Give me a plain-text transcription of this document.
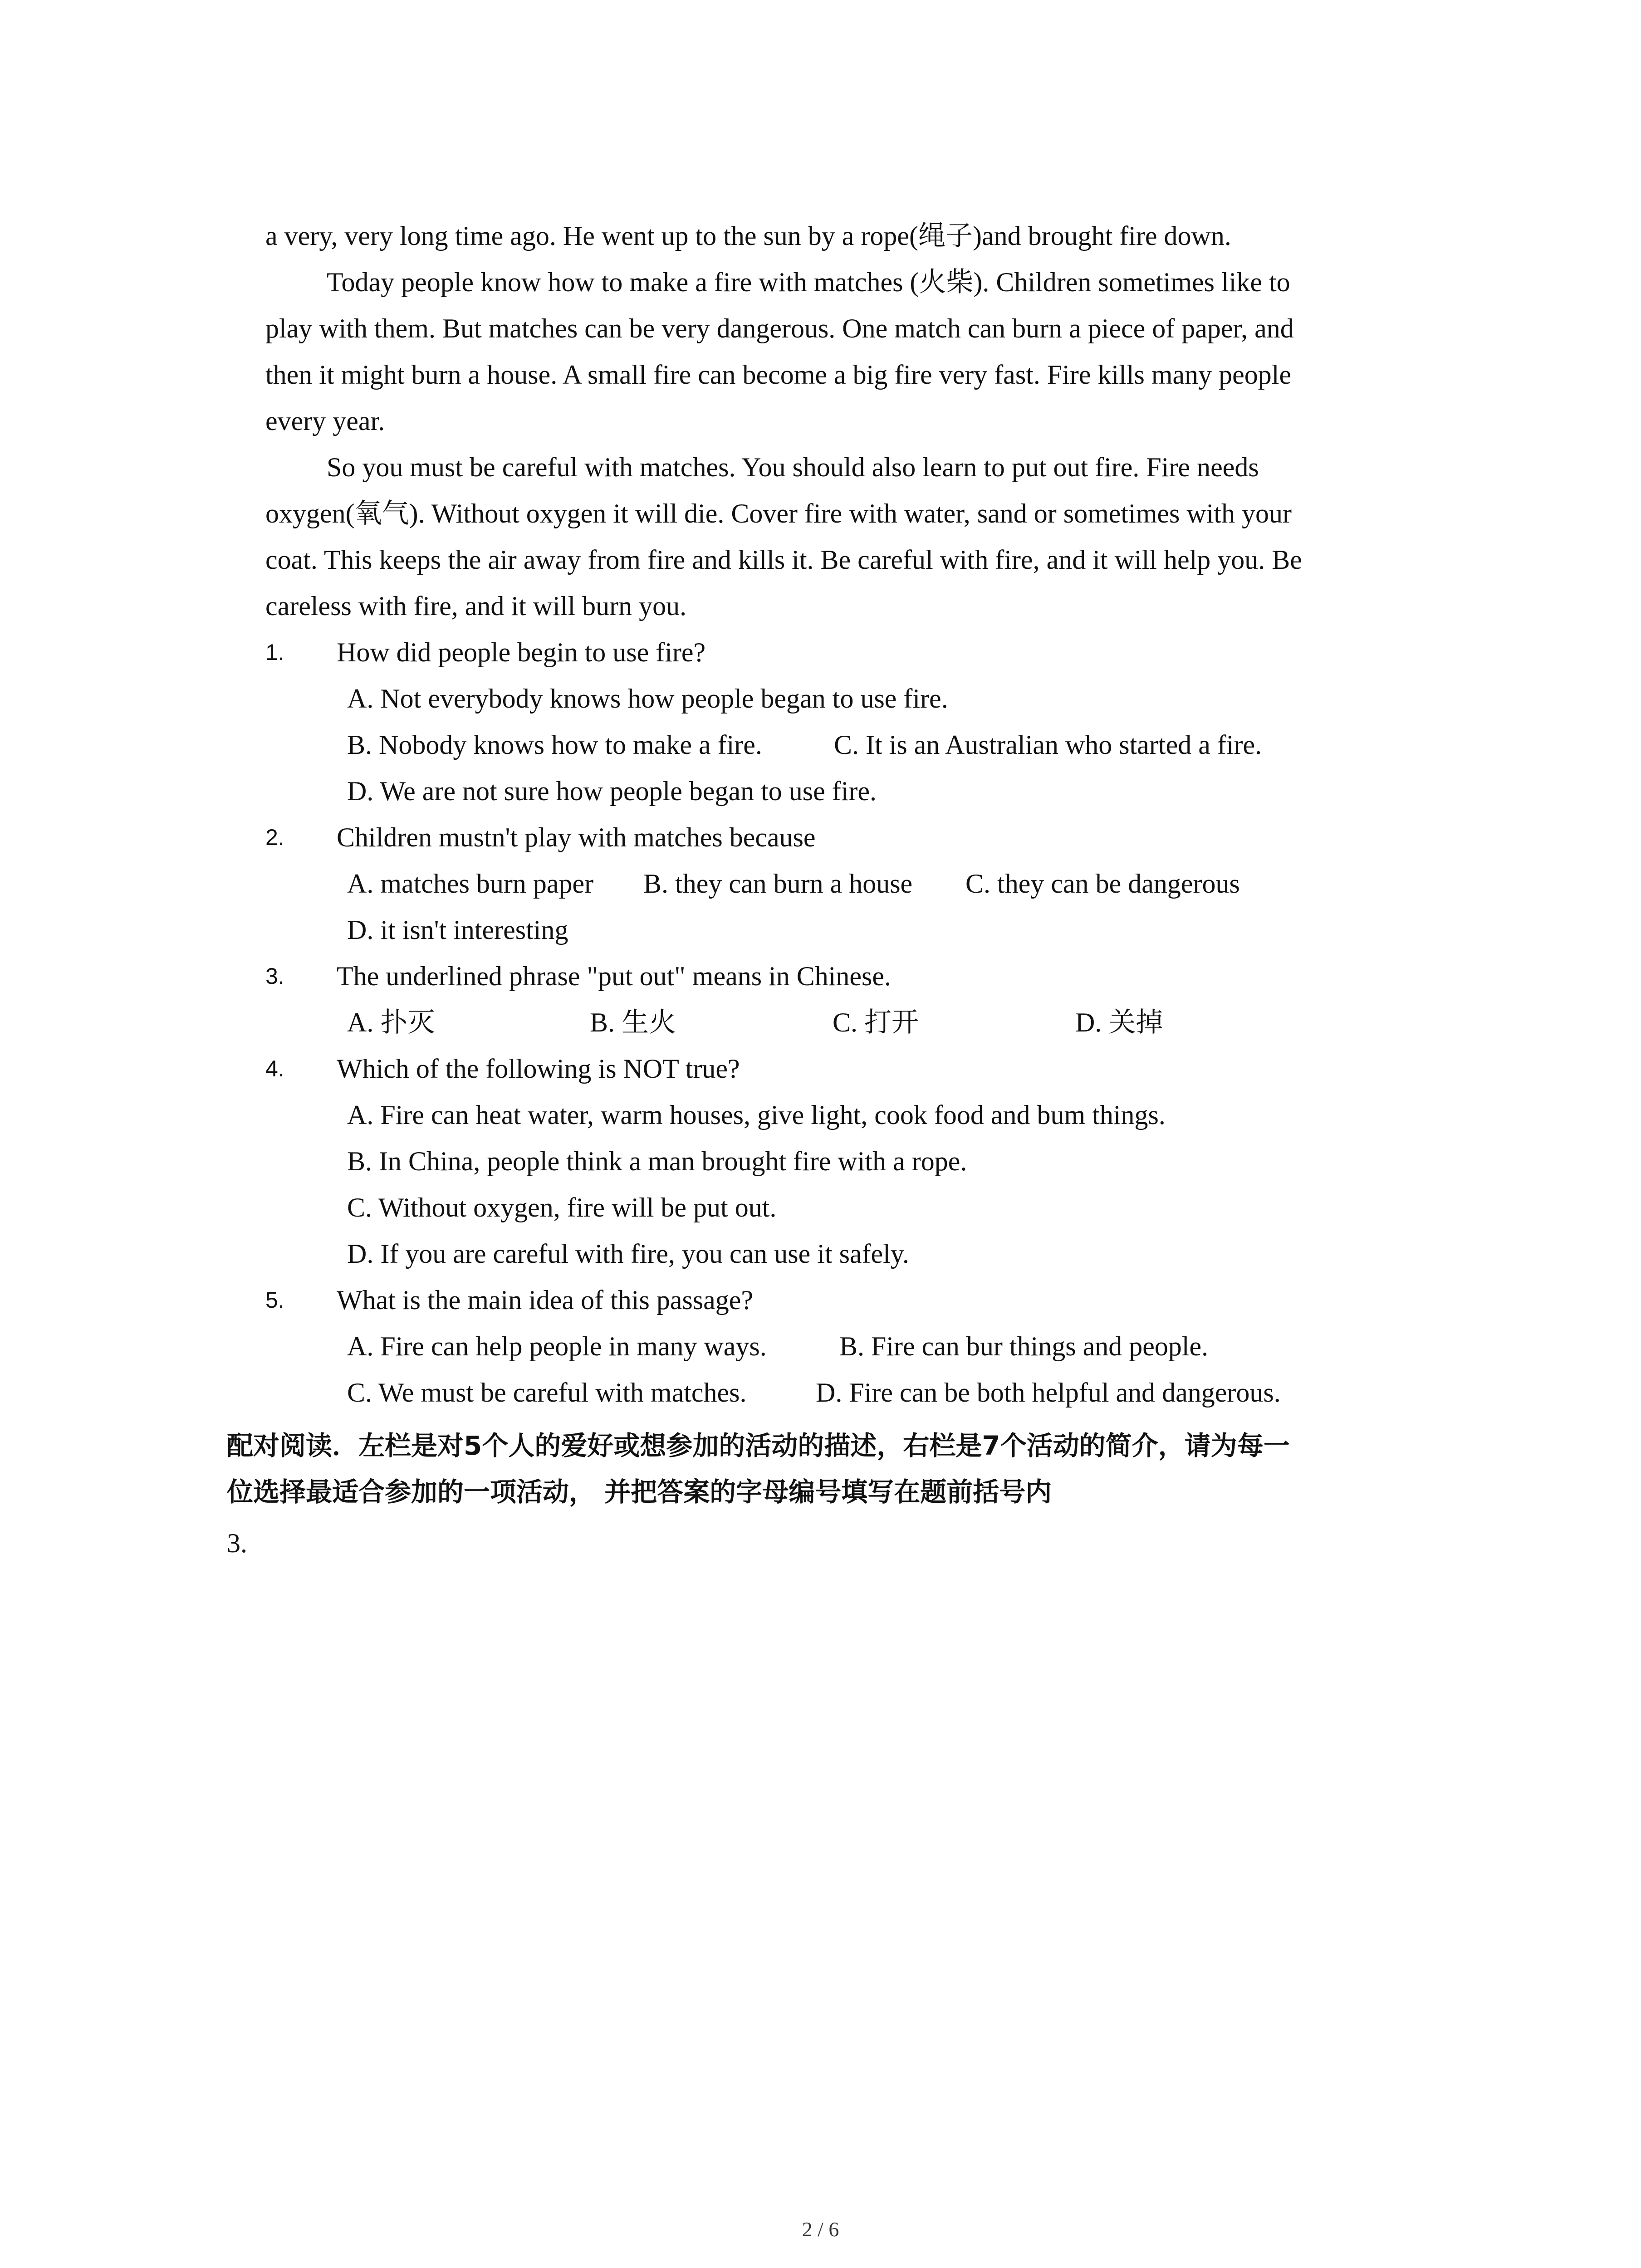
a very, very long time ago. He went up to the sun by a rope(绳子)and brought fire down.
Today people know how to make a fire with matches (火柴). Children sometimes like to
play with them. But matches can be very dangerous. One match can burn a piece of paper, and
then it might burn a house. A small fire can become a big fire very fast. Fire kills many people
every year.
So you must be careful with matches. You should also learn to put out fire. Fire needs
oxygen(氧气). Without oxygen it will die. Cover fire with water, sand or sometimes with your
coat. This keeps the air away from fire and kills it. Be careful with fire, and it will help you. Be
careless with fire, and it will burn you.
1. How did people begin to use fire?
A. Not everybody knows how people began to use fire.
B. Nobody knows how to make a fire.	C. It is an Australian who started a fire.
D. We are not sure how people began to use fire.
2. Children mustn't play with matches because
A. matches burn paper B. they can burn a house C. they can be dangerous
D. it isn't interesting
3. The underlined phrase "put out" means in Chinese.
A. 扑灭	B. 生火	C. 打开	D. 关掉
4. Which of the following is NOT true?
A. Fire can heat water, warm houses, give light, cook food and bum things.
B. In China, people think a man brought fire with a rope.
C. Without oxygen, fire will be put out.
D. If you are careful with fire, you can use it safely.
5. What is the main idea of this passage?
A. Fire can help people in many ways.	B. Fire can bur things and people.
C. We must be careful with matches.	D. Fire can be both helpful and dangerous.
配对阅读．左栏是对5个人的爱好或想参加的活动的描述，右栏是7个活动的简介，请为每一
位选择最适合参加的一项活动， 并把答案的字母编号填写在题前括号内
3.
2 / 6
